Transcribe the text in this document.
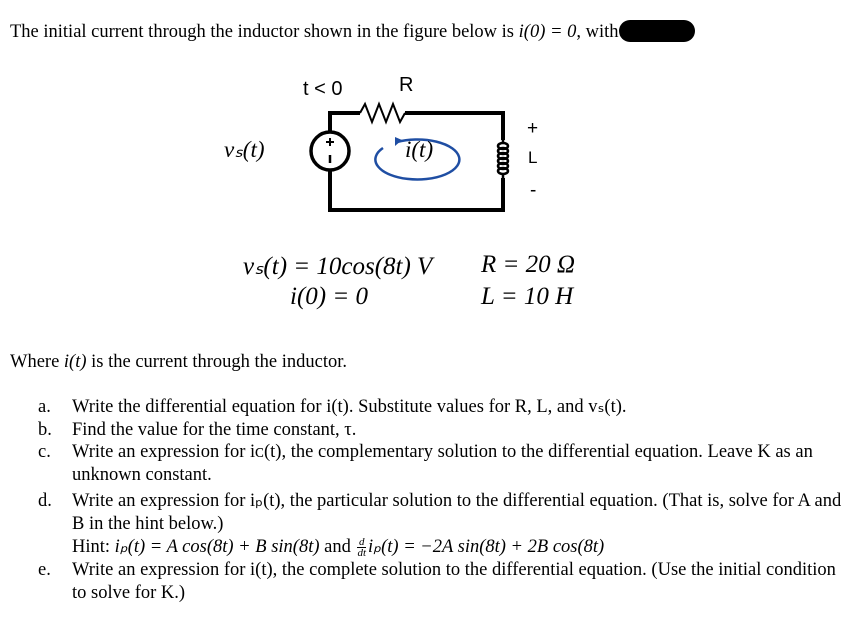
The initial current through the inductor shown in the figure below is i(0) = 0, with
t < 0	R
vₛ(t)	i(t)
+
L
-
vₛ(t) = 10cos(8t) V
i(0) = 0
R = 20 Ω
L = 10 H
Where i(t) is the current through the inductor.
a. Write the differential equation for i(t). Substitute values for R, L, and vₛ(t).
b. Find the value for the time constant, τ.
c. Write an expression for iᴄ(t), the complementary solution to the differential equation. Leave K as an unknown constant.
d. Write an expression for iₚ(t), the particular solution to the differential equation. (That is, solve for A and B in the hint below.)
Hint: iₚ(t) = A cos(8t) + B sin(8t) and $\frac{d}{dt} i_p(t) = -2A$ sin(8t) + 2B cos(8t)
e. Write an expression for i(t), the complete solution to the differential equation. (Use the initial condition to solve for K.)
